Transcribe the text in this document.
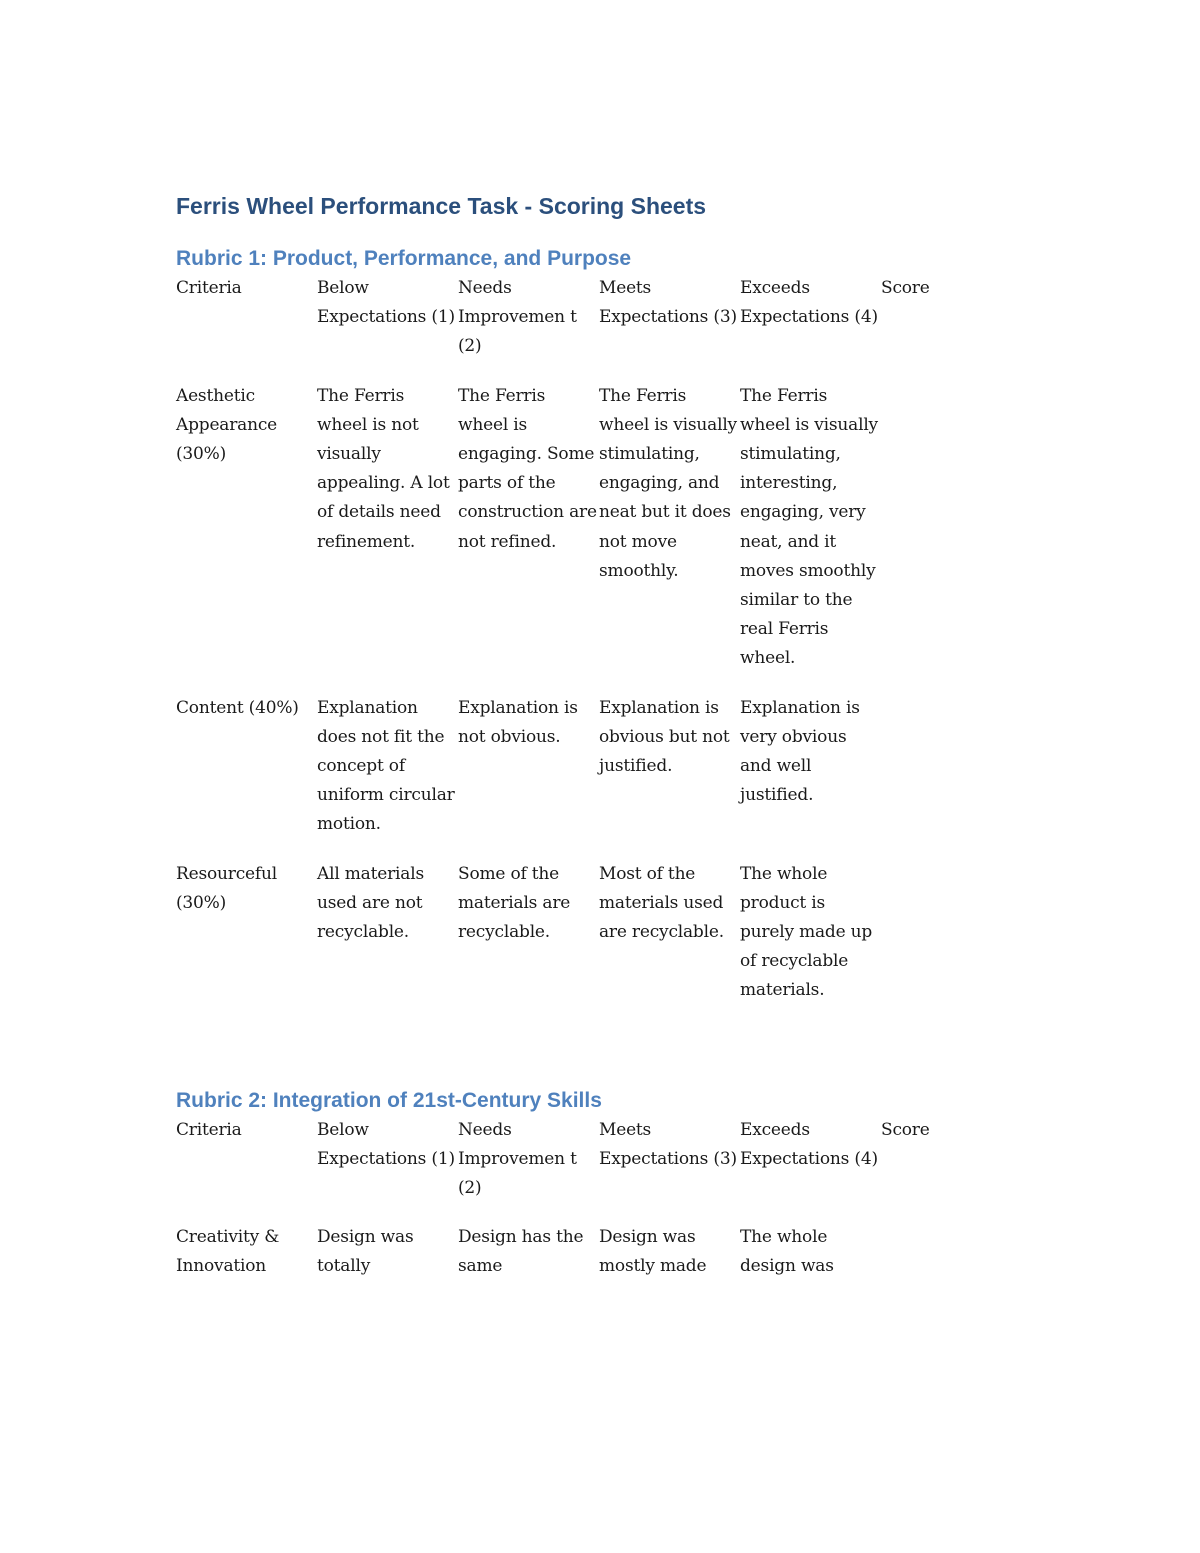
Ferris Wheel Performance Task - Scoring Sheets
Rubric 1: Product, Performance, and Purpose
Criteria	Below Expectations (1)	Needs Improvemen t (2)	Meets Expectations (3)	Exceeds Expectations (4)	Score
Aesthetic Appearance (30%)	The Ferris wheel is not visually appealing. A lot of details need refinement.	The Ferris wheel is engaging. Some parts of the construction are not refined.	The Ferris wheel is visually stimulating, engaging, and neat but it does not move smoothly.	The Ferris wheel is visually stimulating, interesting, engaging, very neat, and it moves smoothly similar to the real Ferris wheel.	
Content (40%)	Explanation does not fit the concept of uniform circular motion.	Explanation is not obvious.	Explanation is obvious but not justified.	Explanation is very obvious and well justified.	
Resourceful (30%)	All materials used are not recyclable.	Some of the materials are recyclable.	Most of the materials used are recyclable.	The whole product is purely made up of recyclable materials.	
Rubric 2: Integration of 21st-Century Skills
Criteria	Below Expectations (1)	Needs Improvemen t (2)	Meets Expectations (3)	Exceeds Expectations (4)	Score
Creativity & Innovation	Design was totally	Design has the same	Design was mostly made	The whole design was	
